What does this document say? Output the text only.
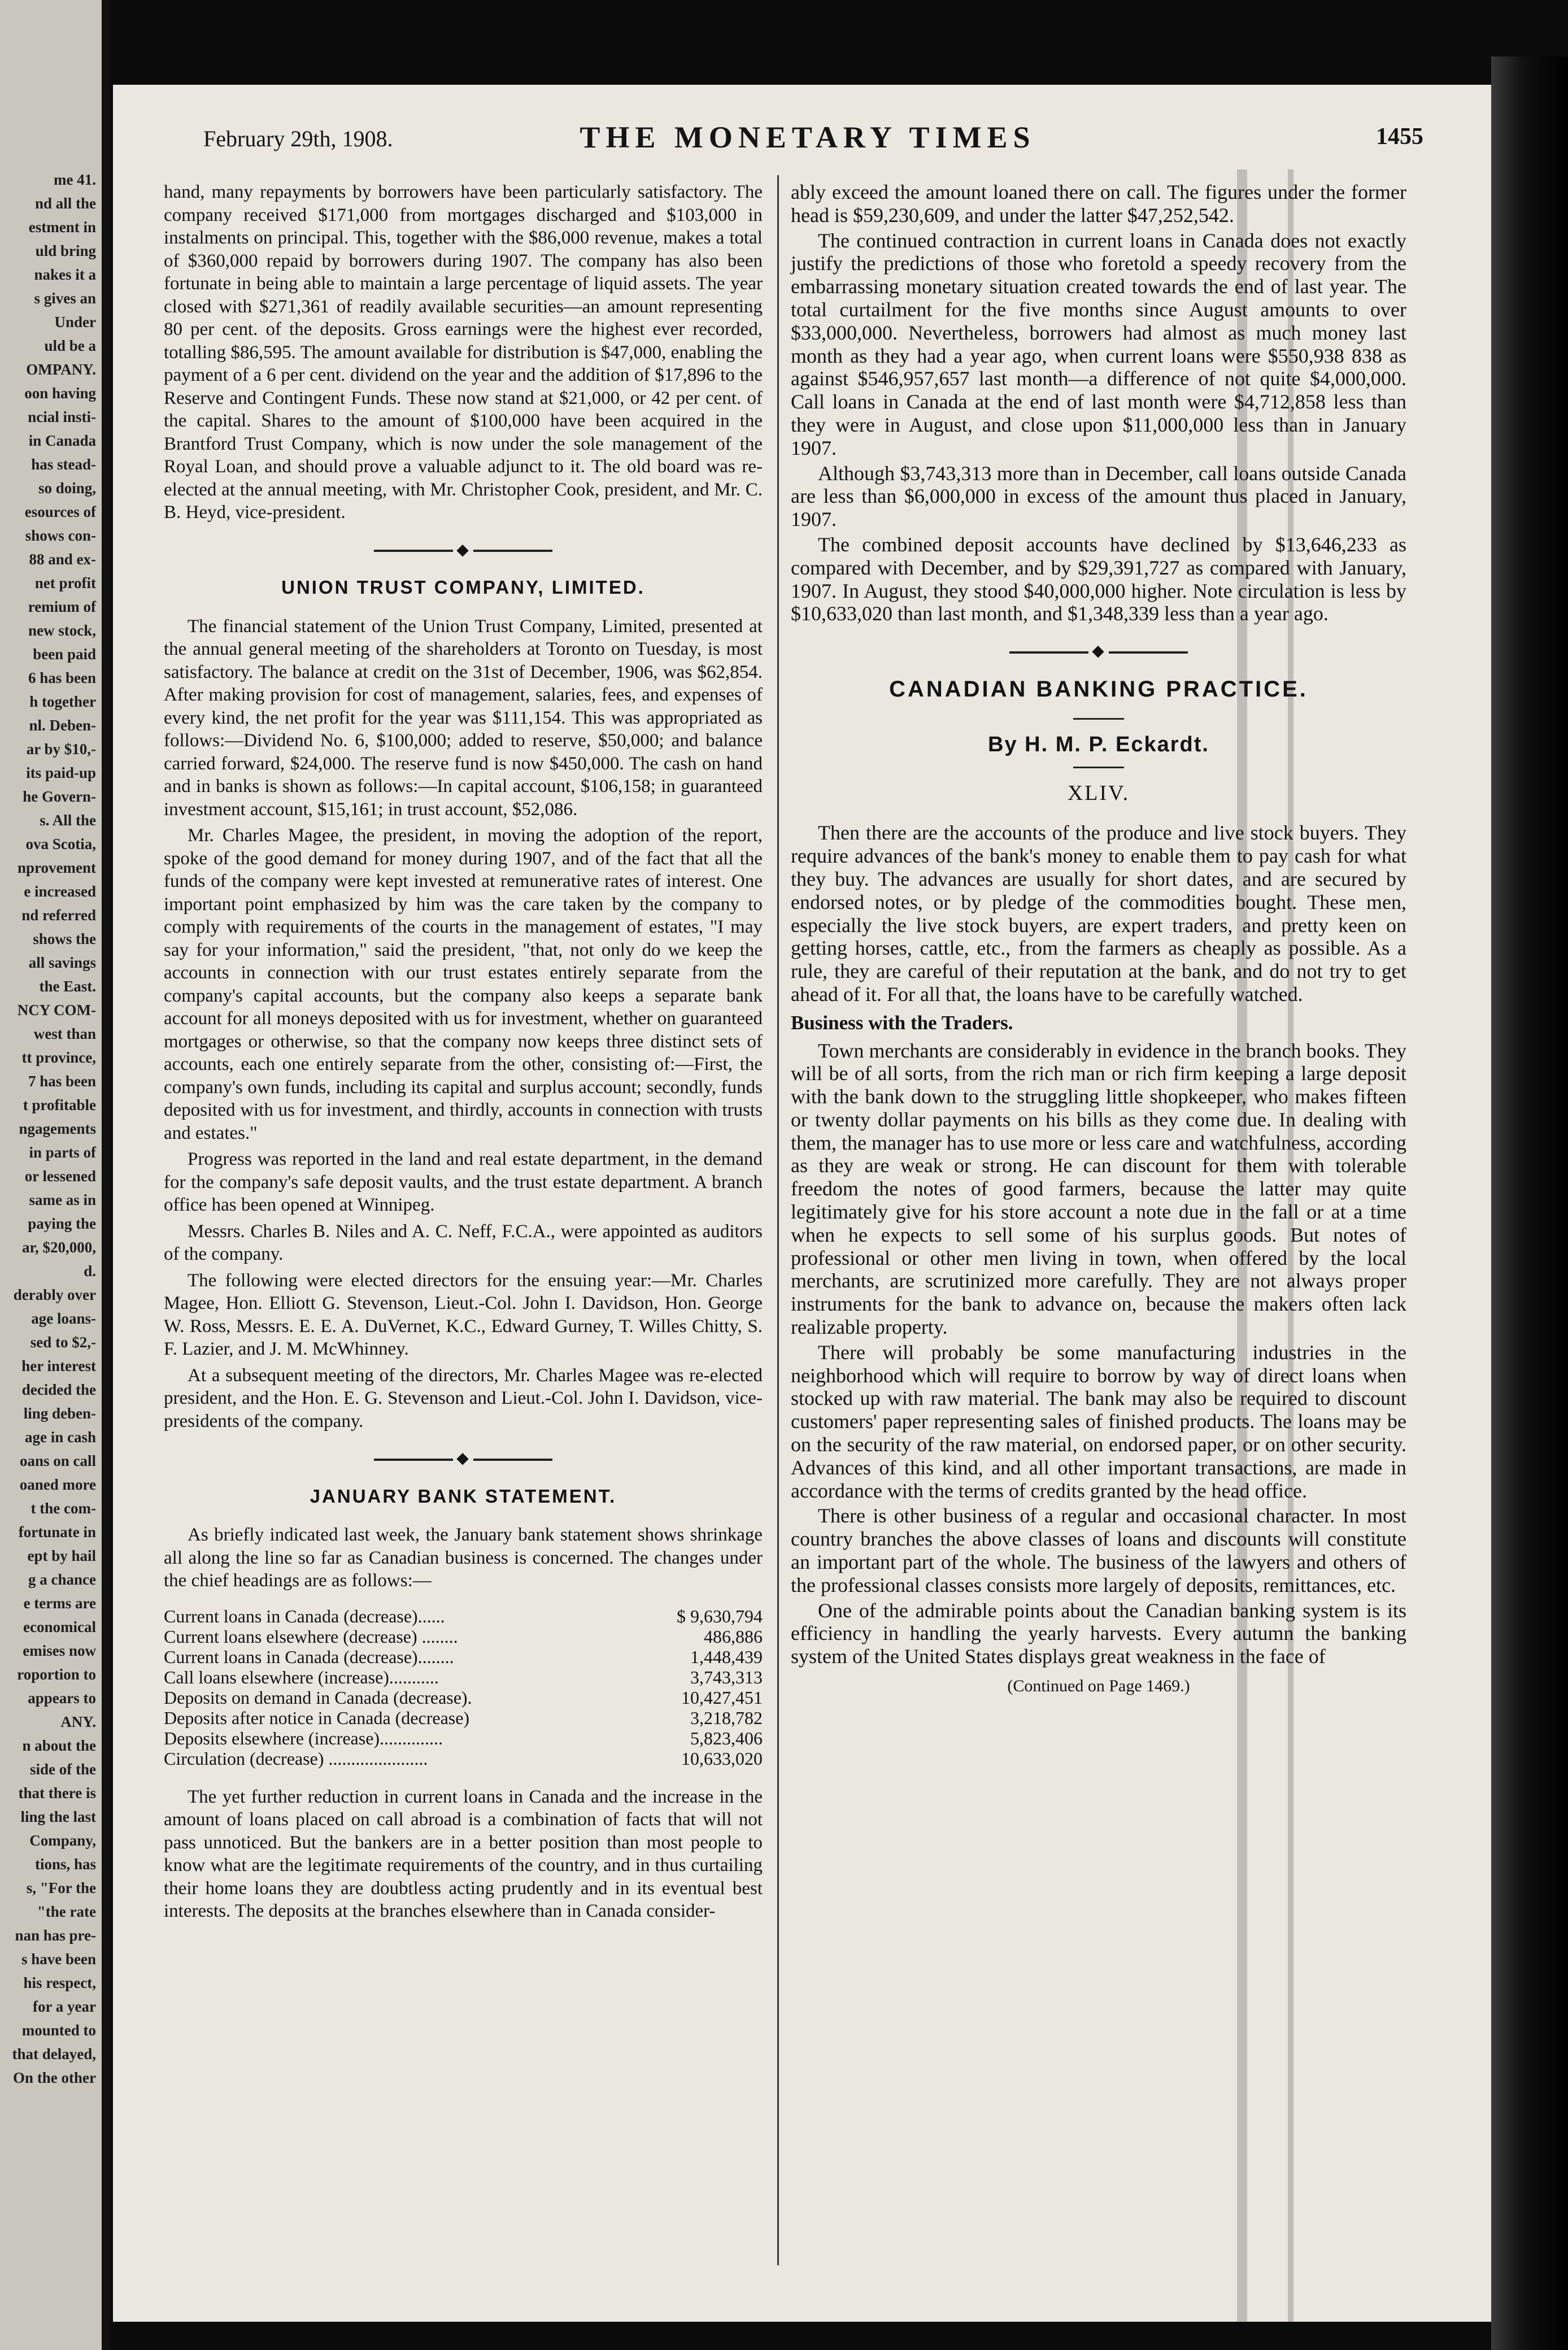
me 41.
nd all the
estment in
uld bring
nakes it a
s gives an
Under
uld be a
OMPANY.
oon having
ncial insti-
in Canada
has stead-
so doing,
esources of
shows con-
88 and ex-
net profit
remium of
new stock,
been paid
6 has been
h together
nl. Deben-
ar by $10,-
its paid-up
he Govern-
s. All the
ova Scotia,
nprovement
e increased
nd referred
shows the
all savings
the East.
NCY COM-
west than
tt province,
7 has been
t profitable
ngagements
in parts of
or lessened
same as in
paying the
ar, $20,000,
d.
derably over
age loans-
sed to $2,-
her interest
decided the
ling deben-
age in cash
oans on call
oaned more
t the com-
fortunate in
ept by hail
g a chance
e terms are
economical
emises now
roportion to
appears to
ANY.
n about the
side of the
that there is
ling the last
Company,
tions, has
s, "For the
"the rate
nan has pre-
s have been
his respect,
for a year
mounted to
that delayed,
On the other
February 29th, 1908.	THE MONETARY TIMES	1455

hand, many repayments by borrowers have been particularly satisfactory. The company received $171,000 from mortgages discharged and $103,000 in instalments on principal. This, together with the $86,000 revenue, makes a total of $360,000 repaid by borrowers during 1907. The company has also been fortunate in being able to maintain a large percentage of liquid assets. The year closed with $271,361 of readily available securities—an amount representing 80 per cent. of the deposits. Gross earnings were the highest ever recorded, totalling $86,595. The amount available for distribution is $47,000, enabling the payment of a 6 per cent. dividend on the year and the addition of $17,896 to the Reserve and Contingent Funds. These now stand at $21,000, or 42 per cent. of the capital. Shares to the amount of $100,000 have been acquired in the Brantford Trust Company, which is now under the sole management of the Royal Loan, and should prove a valuable adjunct to it. The old board was re-elected at the annual meeting, with Mr. Christopher Cook, president, and Mr. C. B. Heyd, vice-president.

◆
UNION TRUST COMPANY, LIMITED.

The financial statement of the Union Trust Company, Limited, presented at the annual general meeting of the shareholders at Toronto on Tuesday, is most satisfactory. The balance at credit on the 31st of December, 1906, was $62,854. After making provision for cost of management, salaries, fees, and expenses of every kind, the net profit for the year was $111,154. This was appropriated as follows:—Dividend No. 6, $100,000; added to reserve, $50,000; and balance carried forward, $24,000. The reserve fund is now $450,000. The cash on hand and in banks is shown as follows:—In capital account, $106,158; in guaranteed investment account, $15,161; in trust account, $52,086.

Mr. Charles Magee, the president, in moving the adoption of the report, spoke of the good demand for money during 1907, and of the fact that all the funds of the company were kept invested at remunerative rates of interest. One important point emphasized by him was the care taken by the company to comply with requirements of the courts in the management of estates, "I may say for your information," said the president, "that, not only do we keep the accounts in connection with our trust estates entirely separate from the company's capital accounts, but the company also keeps a separate bank account for all moneys deposited with us for investment, whether on guaranteed mortgages or otherwise, so that the company now keeps three distinct sets of accounts, each one entirely separate from the other, consisting of:—First, the company's own funds, including its capital and surplus account; secondly, funds deposited with us for investment, and thirdly, accounts in connection with trusts and estates."

Progress was reported in the land and real estate department, in the demand for the company's safe deposit vaults, and the trust estate department. A branch office has been opened at Winnipeg.

Messrs. Charles B. Niles and A. C. Neff, F.C.A., were appointed as auditors of the company.

The following were elected directors for the ensuing year:—Mr. Charles Magee, Hon. Elliott G. Stevenson, Lieut.-Col. John I. Davidson, Hon. George W. Ross, Messrs. E. E. A. DuVernet, K.C., Edward Gurney, T. Willes Chitty, S. F. Lazier, and J. M. McWhinney.

At a subsequent meeting of the directors, Mr. Charles Magee was re-elected president, and the Hon. E. G. Stevenson and Lieut.-Col. John I. Davidson, vice-presidents of the company.

◆
JANUARY BANK STATEMENT.

As briefly indicated last week, the January bank statement shows shrinkage all along the line so far as Canadian business is concerned. The changes under the chief headings are as follows:—

Current loans in Canada (decrease)......	$ 9,630,794
Current loans elsewhere (decrease) ........	486,886
Current loans in Canada (decrease)........	1,448,439
Call loans elsewhere (increase)...........	3,743,313
Deposits on demand in Canada (decrease).	10,427,451
Deposits after notice in Canada (decrease)	3,218,782
Deposits elsewhere (increase)..............	5,823,406
Circulation (decrease) ......................	10,633,020

The yet further reduction in current loans in Canada and the increase in the amount of loans placed on call abroad is a combination of facts that will not pass unnoticed. But the bankers are in a better position than most people to know what are the legitimate requirements of the country, and in thus curtailing their home loans they are doubtless acting prudently and in its eventual best interests. The deposits at the branches elsewhere than in Canada consider-

ably exceed the amount loaned there on call. The figures under the former head is $59,230,609, and under the latter $47,252,542.

The continued contraction in current loans in Canada does not exactly justify the predictions of those who foretold a speedy recovery from the embarrassing monetary situation created towards the end of last year. The total curtailment for the five months since August amounts to over $33,000,000. Nevertheless, borrowers had almost as much money last month as they had a year ago, when current loans were $550,938 838 as against $546,957,657 last month—a difference of not quite $4,000,000. Call loans in Canada at the end of last month were $4,712,858 less than they were in August, and close upon $11,000,000 less than in January 1907.

Although $3,743,313 more than in December, call loans outside Canada are less than $6,000,000 in excess of the amount thus placed in January, 1907.

The combined deposit accounts have declined by $13,646,233 as compared with December, and by $29,391,727 as compared with January, 1907. In August, they stood $40,000,000 higher. Note circulation is less by $10,633,020 than last month, and $1,348,339 less than a year ago.

◆
CANADIAN BANKING PRACTICE.
By H. M. P. Eckardt.
XLIV.

Then there are the accounts of the produce and live stock buyers. They require advances of the bank's money to enable them to pay cash for what they buy. The advances are usually for short dates, and are secured by endorsed notes, or by pledge of the commodities bought. These men, especially the live stock buyers, are expert traders, and pretty keen on getting horses, cattle, etc., from the farmers as cheaply as possible. As a rule, they are careful of their reputation at the bank, and do not try to get ahead of it. For all that, the loans have to be carefully watched.

Business with the Traders.

Town merchants are considerably in evidence in the branch books. They will be of all sorts, from the rich man or rich firm keeping a large deposit with the bank down to the struggling little shopkeeper, who makes fifteen or twenty dollar payments on his bills as they come due. In dealing with them, the manager has to use more or less care and watchfulness, according as they are weak or strong. He can discount for them with tolerable freedom the notes of good farmers, because the latter may quite legitimately give for his store account a note due in the fall or at a time when he expects to sell some of his surplus goods. But notes of professional or other men living in town, when offered by the local merchants, are scrutinized more carefully. They are not always proper instruments for the bank to advance on, because the makers often lack realizable property.

There will probably be some manufacturing industries in the neighborhood which will require to borrow by way of direct loans when stocked up with raw material. The bank may also be required to discount customers' paper representing sales of finished products. The loans may be on the security of the raw material, on endorsed paper, or on other security. Advances of this kind, and all other important transactions, are made in accordance with the terms of credits granted by the head office.

There is other business of a regular and occasional character. In most country branches the above classes of loans and discounts will constitute an important part of the whole. The business of the lawyers and others of the professional classes consists more largely of deposits, remittances, etc.

One of the admirable points about the Canadian banking system is its efficiency in handling the yearly harvests. Every autumn the banking system of the United States displays great weakness in the face of

(Continued on Page 1469.)
